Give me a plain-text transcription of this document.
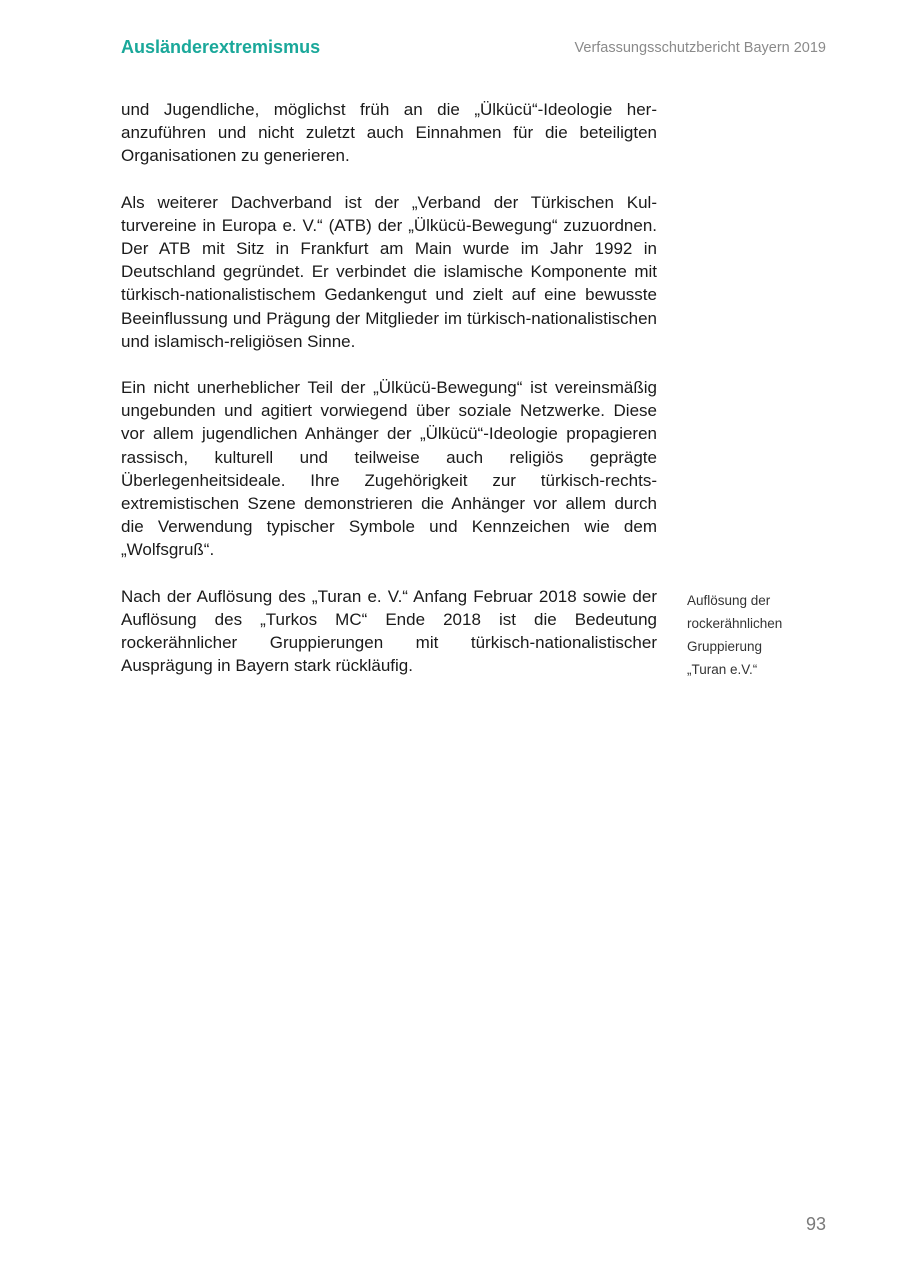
Ausländerextremismus	Verfassungsschutzbericht Bayern 2019

und Jugendliche, möglichst früh an die „Ülkücü“-Ideologie heranzuführen und nicht zuletzt auch Einnahmen für die beteiligten Organisationen zu generieren.

Als weiterer Dachverband ist der „Verband der Türkischen Kulturvereine in Europa e. V.“ (ATB) der „Ülkücü-Bewegung“ zuzuordnen. Der ATB mit Sitz in Frankfurt am Main wurde im Jahr 1992 in Deutschland gegründet. Er verbindet die islamische Komponente mit türkisch-nationalistischem Gedankengut und zielt auf eine bewusste Beeinflussung und Prägung der Mitglieder im türkisch-nationalistischen und islamisch-religiösen Sinne.

Ein nicht unerheblicher Teil der „Ülkücü-Bewegung“ ist vereinsmäßig ungebunden und agitiert vorwiegend über soziale Netzwerke. Diese vor allem jugendlichen Anhänger der „Ülkücü“-Ideologie propagieren rassisch, kulturell und teilweise auch religiös geprägte Überlegenheitsideale. Ihre Zugehörigkeit zur türkisch-rechtsextremistischen Szene demonstrieren die Anhänger vor allem durch die Verwendung typischer Symbole und Kennzeichen wie dem „Wolfsgruß“.

Nach der Auflösung des „Turan e. V.“ Anfang Februar 2018 sowie der Auflösung des „Turkos MC“ Ende 2018 ist die Bedeutung rockerähnlicher Gruppierungen mit türkisch-nationalistischer Ausprägung in Bayern stark rückläufig.

Auflösung der
rockerähnlichen
Gruppierung
„Turan e.V.“
93
